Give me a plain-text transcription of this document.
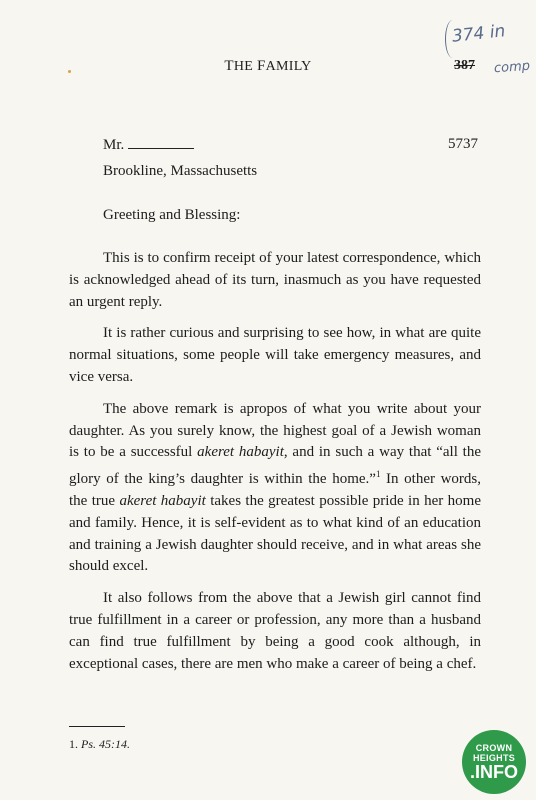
374 in
comp
THE FAMILY	387
Mr.	5737
Brookline, Massachusetts
Greeting and Blessing:

This is to confirm receipt of your latest correspondence, which is acknowledged ahead of its turn, inasmuch as you have requested an urgent reply.

It is rather curious and surprising to see how, in what are quite normal situations, some people will take emergency measures, and vice versa.

The above remark is apropos of what you write about your daughter. As you surely know, the highest goal of a Jewish woman is to be a successful akeret habayit, and in such a way that “all the glory of the king’s daughter is within the home.”$^1$ In other words, the true akeret habayit takes the greatest possible pride in her home and family. Hence, it is self-evident as to what kind of an education and training a Jewish daughter should receive, and in what areas she should excel.

It also follows from the above that a Jewish girl cannot find true fulfillment in a career or profession, any more than a husband can find true fulfillment by being a good cook although, in exceptional cases, there are men who make a career of being a chef.

1. Ps. 45:14.	CROWN
HEIGHTS
.INFO
